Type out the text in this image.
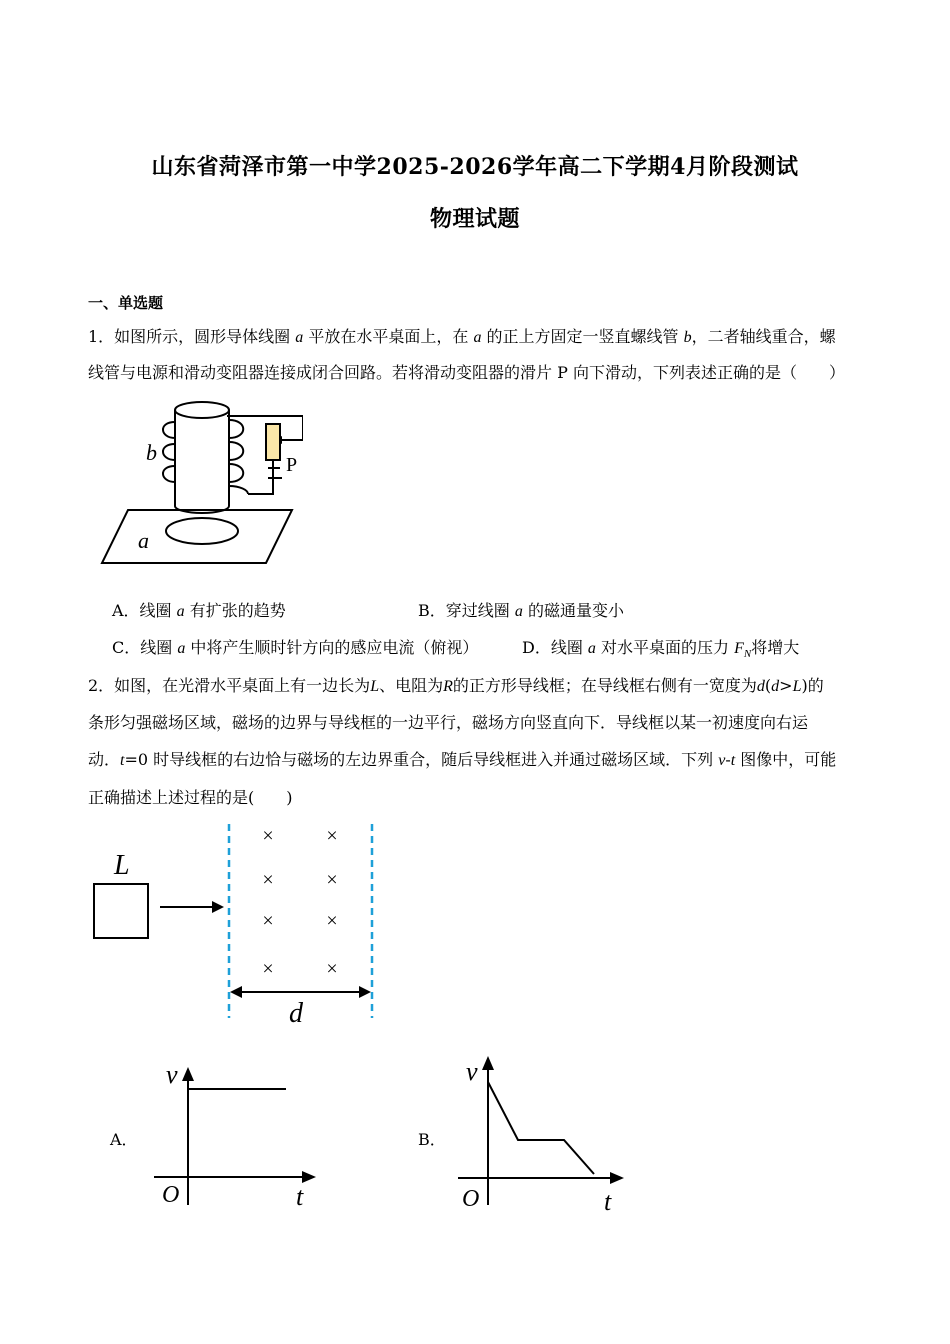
山东省菏泽市第一中学2025-2026学年高二下学期4月阶段测试
物理试题
一、单选题
1．如图所示，圆形导体线圈 a 平放在水平桌面上，在 a 的正上方固定一竖直螺线管 b，二者轴线重合，螺
线管与电源和滑动变阻器连接成闭合回路。若将滑动变阻器的滑片 P 向下滑动，下列表述正确的是（　　）
P
b
a
A．线圈 a 有扩张的趋势	B．穿过线圈 a 的磁通量变小
C．线圈 a 中将产生顺时针方向的感应电流（俯视）	D．线圈 a 对水平桌面的压力 $F_N$将增大
2．如图，在光滑水平桌面上有一边长为L、电阻为R的正方形导线框；在导线框右侧有一宽度为d(d>L)的
条形匀强磁场区域，磁场的边界与导线框的一边平行，磁场方向竖直向下．导线框以某一初速度向右运
动．t=0 时导线框的右边恰与磁场的左边界重合，随后导线框进入并通过磁场区域．下列 v-t 图像中，可能
正确描述上述过程的是(　　)
L
×	×
×	×
×	×
×	×
d
A．
v
t
O
B．
v
t
O
